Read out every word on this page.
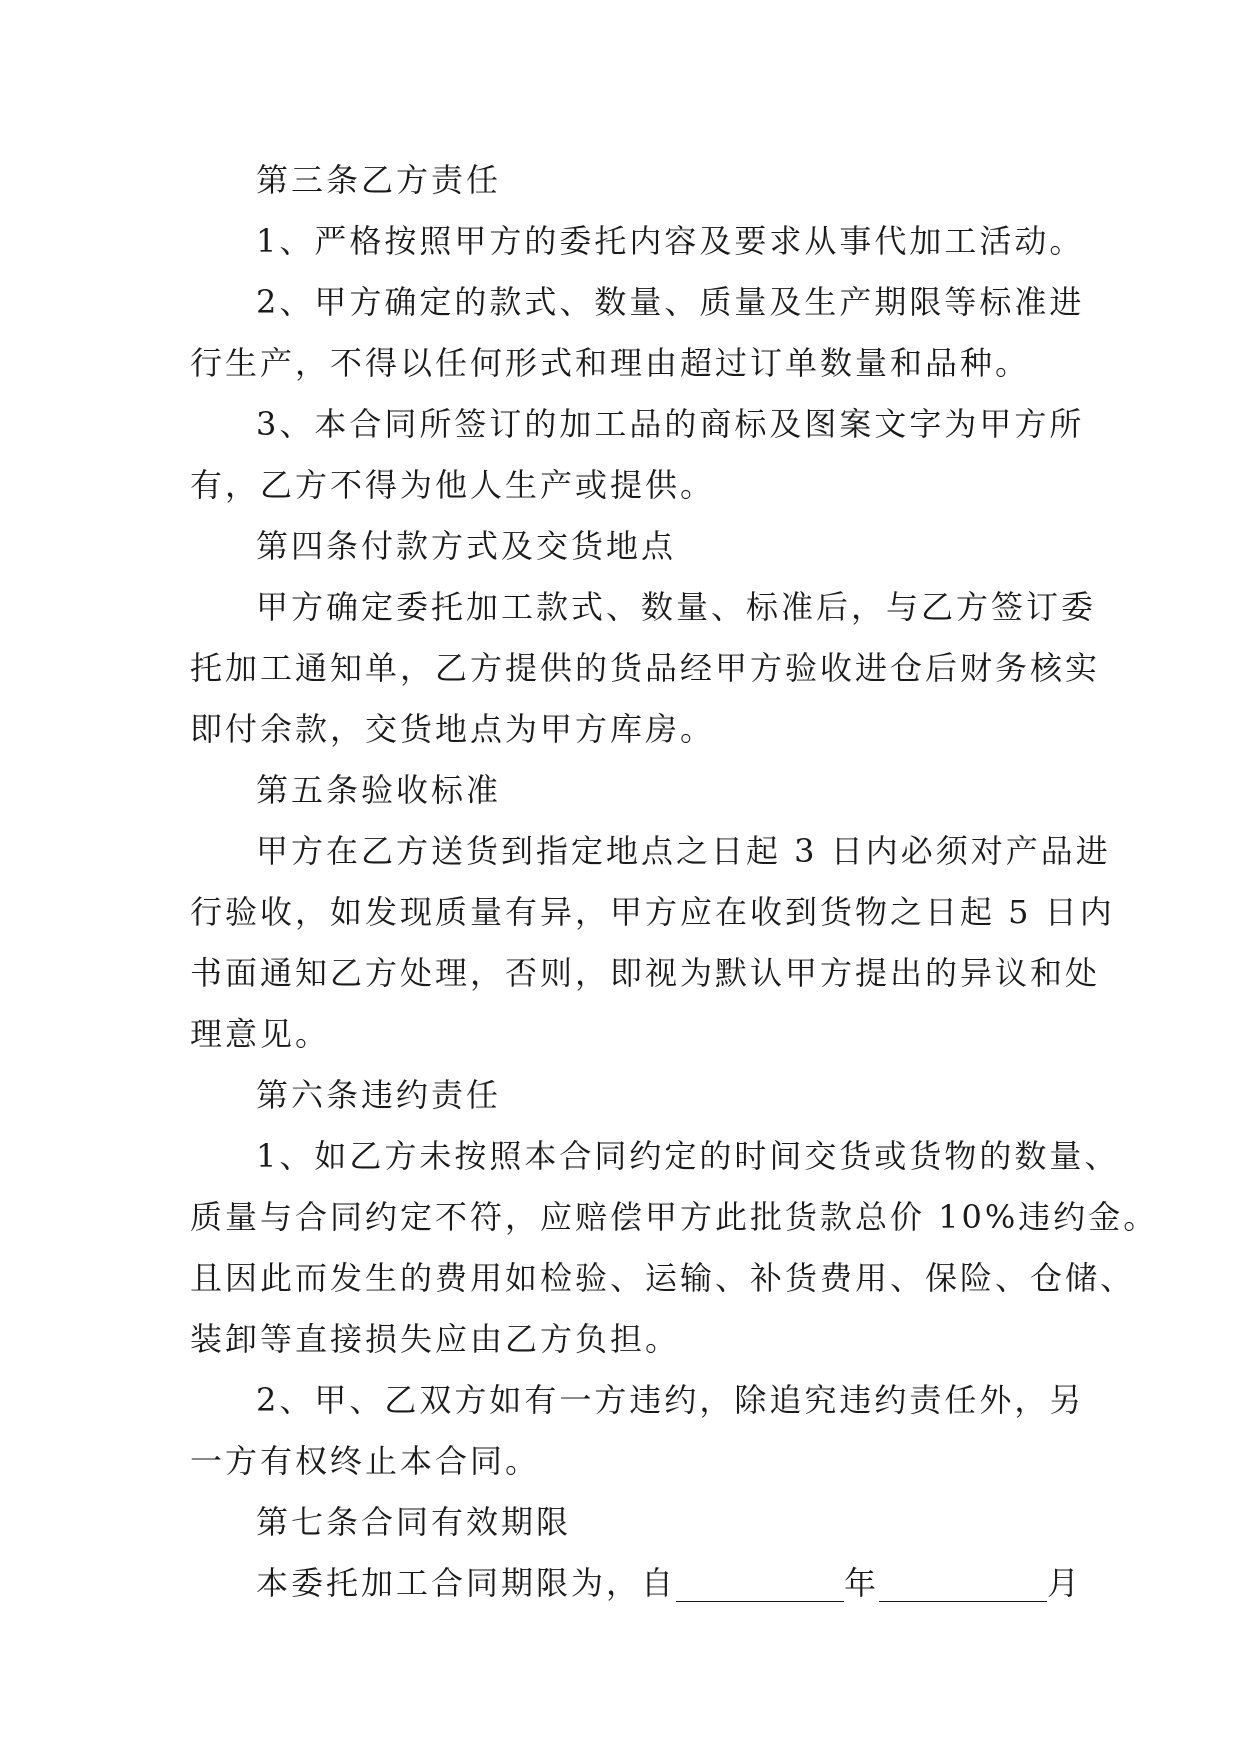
第三条乙方责任
1、严格按照甲方的委托内容及要求从事代加工活动。
2、甲方确定的款式、数量、质量及生产期限等标准进
行生产，不得以任何形式和理由超过订单数量和品种。
3、本合同所签订的加工品的商标及图案文字为甲方所
有，乙方不得为他人生产或提供。
第四条付款方式及交货地点
甲方确定委托加工款式、数量、标准后，与乙方签订委
托加工通知单，乙方提供的货品经甲方验收进仓后财务核实
即付余款，交货地点为甲方库房。
第五条验收标准
甲方在乙方送货到指定地点之日起 3 日内必须对产品进
行验收，如发现质量有异，甲方应在收到货物之日起 5 日内
书面通知乙方处理，否则，即视为默认甲方提出的异议和处
理意见。
第六条违约责任
1、如乙方未按照本合同约定的时间交货或货物的数量、
质量与合同约定不符，应赔偿甲方此批货款总价 10%违约金。
且因此而发生的费用如检验、运输、补货费用、保险、仓储、
装卸等直接损失应由乙方负担。
2、甲、乙双方如有一方违约，除追究违约责任外，另
一方有权终止本合同。
第七条合同有效期限
本委托加工合同期限为，自	年	月
